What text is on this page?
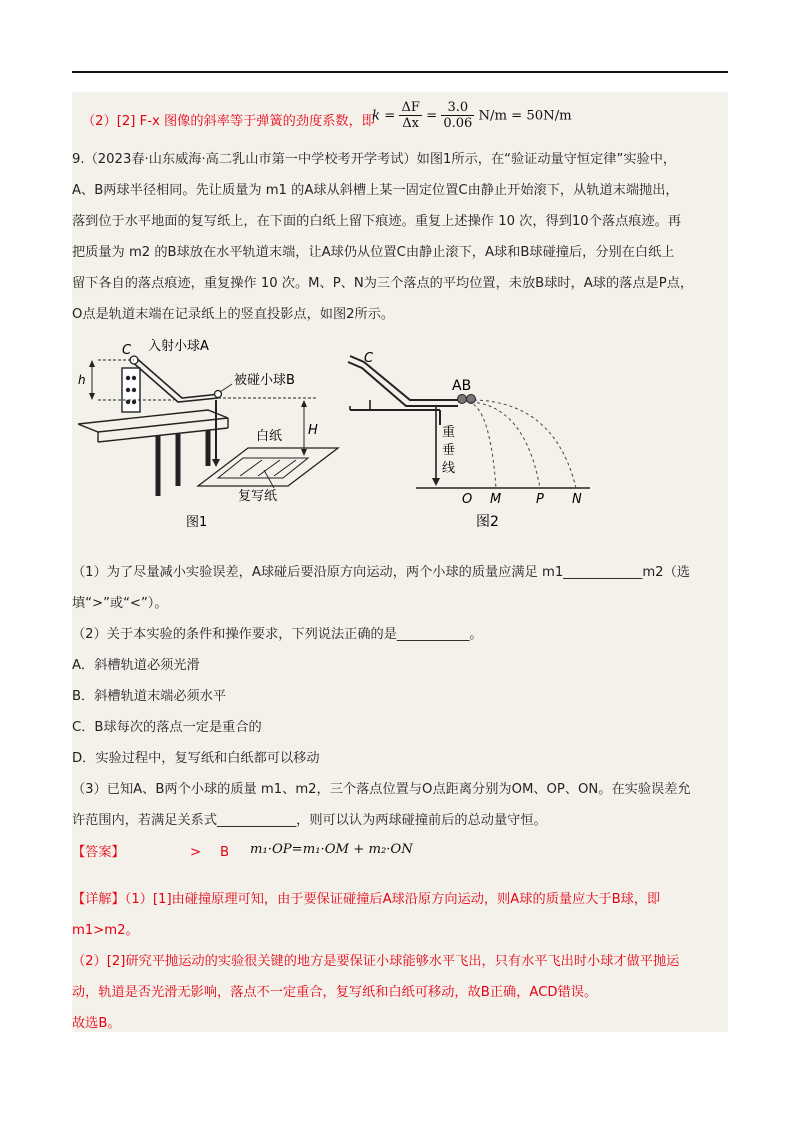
（2）[2] F-x 图像的斜率等于弹簧的劲度系数，即
$k = \frac{\Delta F}{\Delta x} = \frac{3.0}{0.06} N/m = 50N/m$
9.（2023春·山东威海·高二乳山市第一中学校考开学考试）如图1所示，在“验证动量守恒定律”实验中，
A、B两球半径相同。先让质量为 m1 的A球从斜槽上某一固定位置C由静止开始滚下，从轨道末端抛出，
落到位于水平地面的复写纸上，在下面的白纸上留下痕迹。重复上述操作 10 次，得到10个落点痕迹。再
把质量为 m2 的B球放在水平轨道末端，让A球仍从位置C由静止滚下，A球和B球碰撞后，分别在白纸上
留下各自的落点痕迹，重复操作 10 次。M、P、N为三个落点的平均位置，未放B球时，A球的落点是P点，
O点是轨道末端在记录纸上的竖直投影点，如图2所示。
C 入射小球A
h	被碰小球B
H
白纸
复写纸
图1
C
AB
重
垂
线
O M	P N
图2
（1）为了尽量减小实验误差，A球碰后要沿原方向运动，两个小球的质量应满足 m1____________m2（选
填“>”或“<”）。
（2）关于本实验的条件和操作要求，下列说法正确的是___________。
A．斜槽轨道必须光滑
B．斜槽轨道末端必须水平
C．B球每次的落点一定是重合的
D．实验过程中，复写纸和白纸都可以移动
（3）已知A、B两个小球的质量 m1、m2，三个落点位置与O点距离分别为OM、OP、ON。在实验误差允
许范围内，若满足关系式____________，则可以认为两球碰撞前后的总动量守恒。
【答案】	> B m₁·OP=m₁·OM + m₂·ON
【详解】（1）[1]由碰撞原理可知，由于要保证碰撞后A球沿原方向运动，则A球的质量应大于B球，即
m1>m2。
（2）[2]研究平抛运动的实验很关键的地方是要保证小球能够水平飞出，只有水平飞出时小球才做平抛运
动，轨道是否光滑无影响，落点不一定重合，复写纸和白纸可移动，故B正确，ACD错误。
故选B。
